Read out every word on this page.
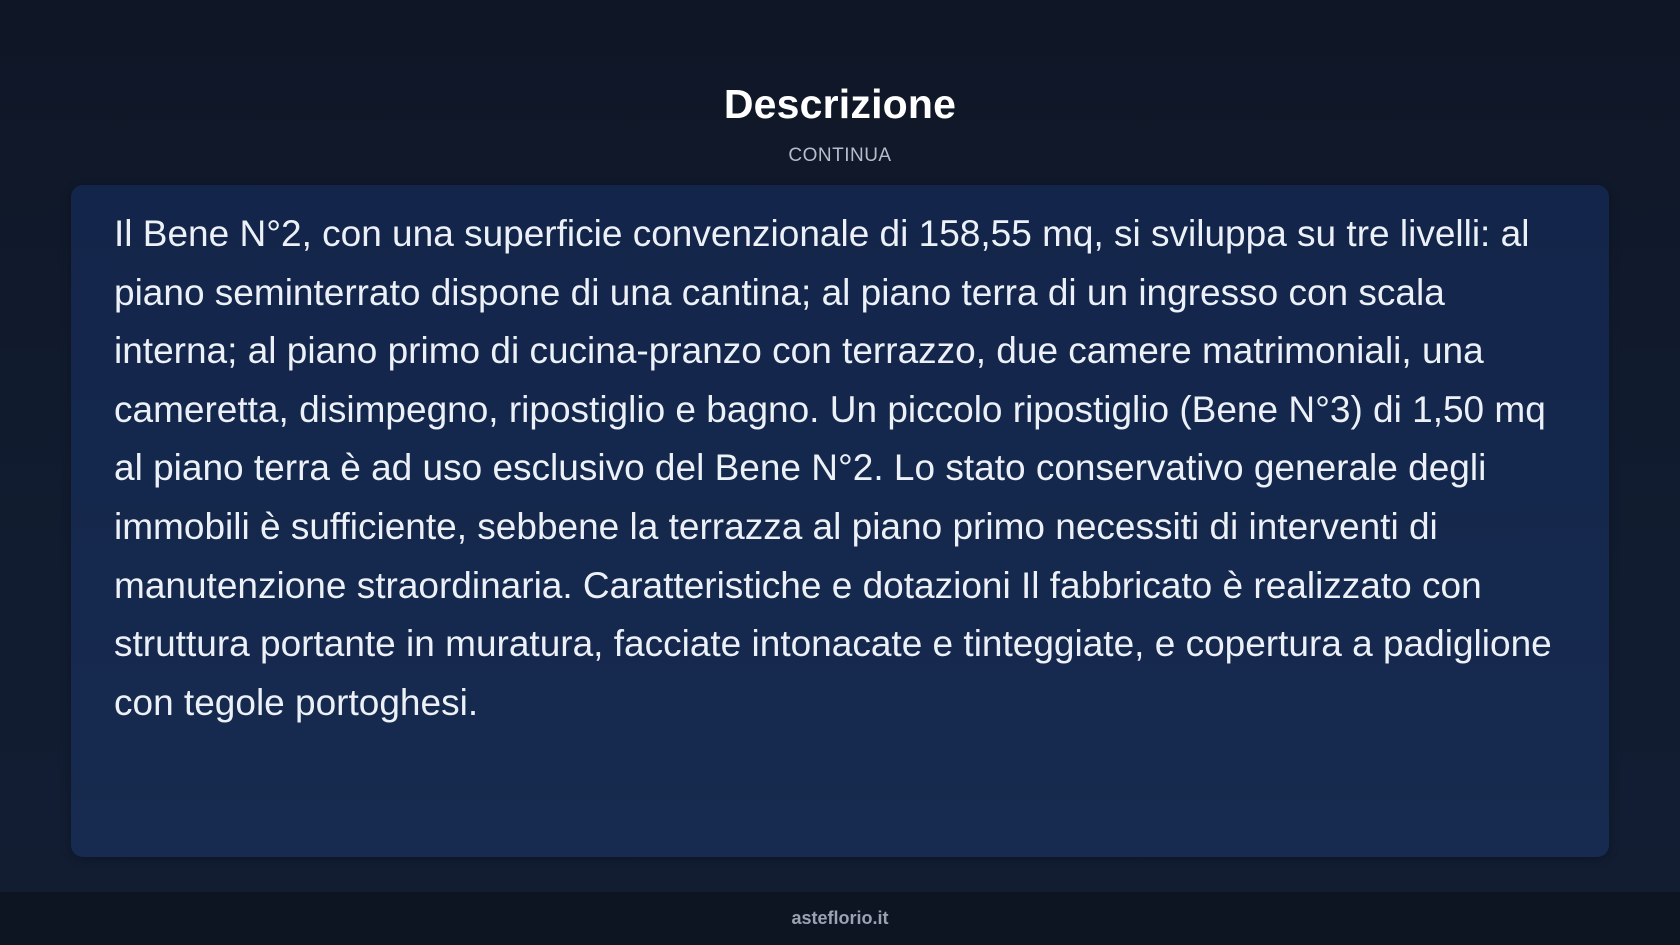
Descrizione
CONTINUA

Il Bene N°2, con una superficie convenzionale di 158,55 mq, si sviluppa su tre livelli: al piano seminterrato dispone di una cantina; al piano terra di un ingresso con scala interna; al piano primo di cucina-pranzo con terrazzo, due camere matrimoniali, una cameretta, disimpegno, ripostiglio e bagno. Un piccolo ripostiglio (Bene N°3) di 1,50 mq al piano terra è ad uso esclusivo del Bene N°2. Lo stato conservativo generale degli immobili è sufficiente, sebbene la terrazza al piano primo necessiti di interventi di manutenzione straordinaria. Caratteristiche e dotazioni Il fabbricato è realizzato con struttura portante in muratura, facciate intonacate e tinteggiate, e copertura a padiglione con tegole portoghesi.

asteflorio.it
